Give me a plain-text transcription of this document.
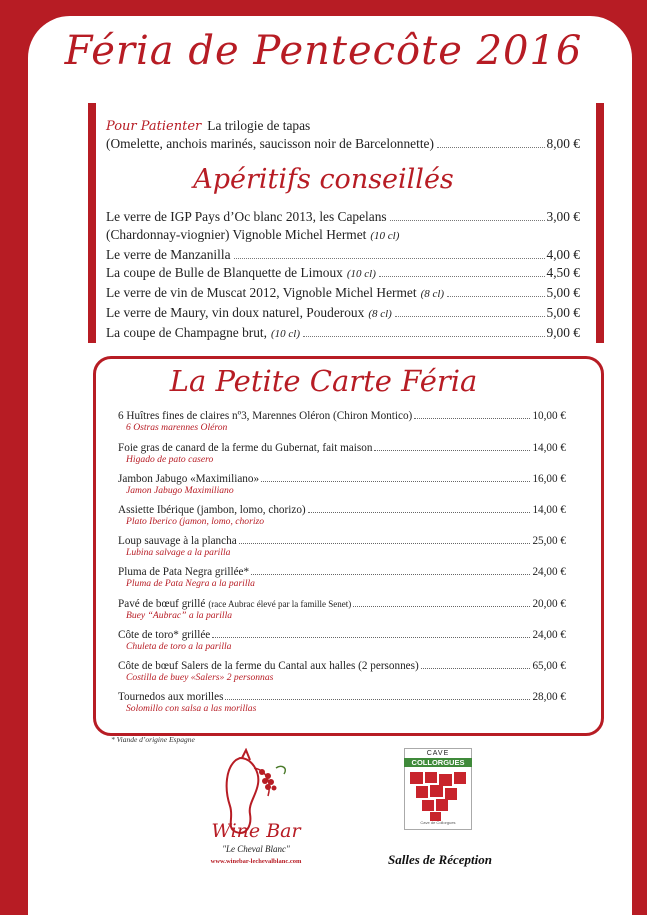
Féria de Pentecôte 2016
Pour Patienter La trilogie de tapas
(Omelette, anchois marinés, saucisson noir de Barcelonnette)	8,00 €
Apéritifs conseillés
Le verre de IGP Pays d’Oc blanc 2013, les Capelans	3,00 €
(Chardonnay-viognier) Vignoble Michel Hermet (10 cl)
Le verre de Manzanilla	4,00 €
La coupe de Bulle de Blanquette de Limoux (10 cl)	4,50 €
Le verre de vin de Muscat 2012, Vignoble Michel Hermet (8 cl)	5,00 €
Le verre de Maury, vin doux naturel, Pouderoux (8 cl)	5,00 €
La coupe de Champagne brut, (10 cl)	9,00 €
La Petite Carte Féria
6 Huîtres fines de claires nº3, Marennes Oléron (Chiron Montico)	10,00 €
6 Ostras marennes Oléron
Foie gras de canard de la ferme du Gubernat, fait maison	14,00 €
Higado de pato casero
Jambon Jabugo «Maximiliano»	16,00 €
Jamon Jabugo Maximiliano
Assiette Ibérique (jambon, lomo, chorizo)	14,00 €
Plato Iberico (jamon, lomo, chorizo
Loup sauvage à la plancha	25,00 €
Lubina salvage a la parilla
Pluma de Pata Negra grillée*	24,00 €
Pluma de Pata Negra a la parilla
Pavé de bœuf grillé (race Aubrac élevé par la famille Senet)	20,00 €
Buey “Aubrac” a la parilla
Côte de toro* grillée	24,00 €
Chuleta de toro a la parilla
Côte de bœuf Salers de la ferme du Cantal aux halles (2 personnes)	65,00 €
Costilla de buey «Salers» 2 personnas
Tournedos aux morilles	28,00 €
Solomillo con salsa a las morillas
* Viande d’origine Espagne
Wine Bar
"Le Cheval Blanc"
www.winebar-lechevalblanc.com
CAVE
COLLORGUES
Cave de Collorgues
Salles de Réception
